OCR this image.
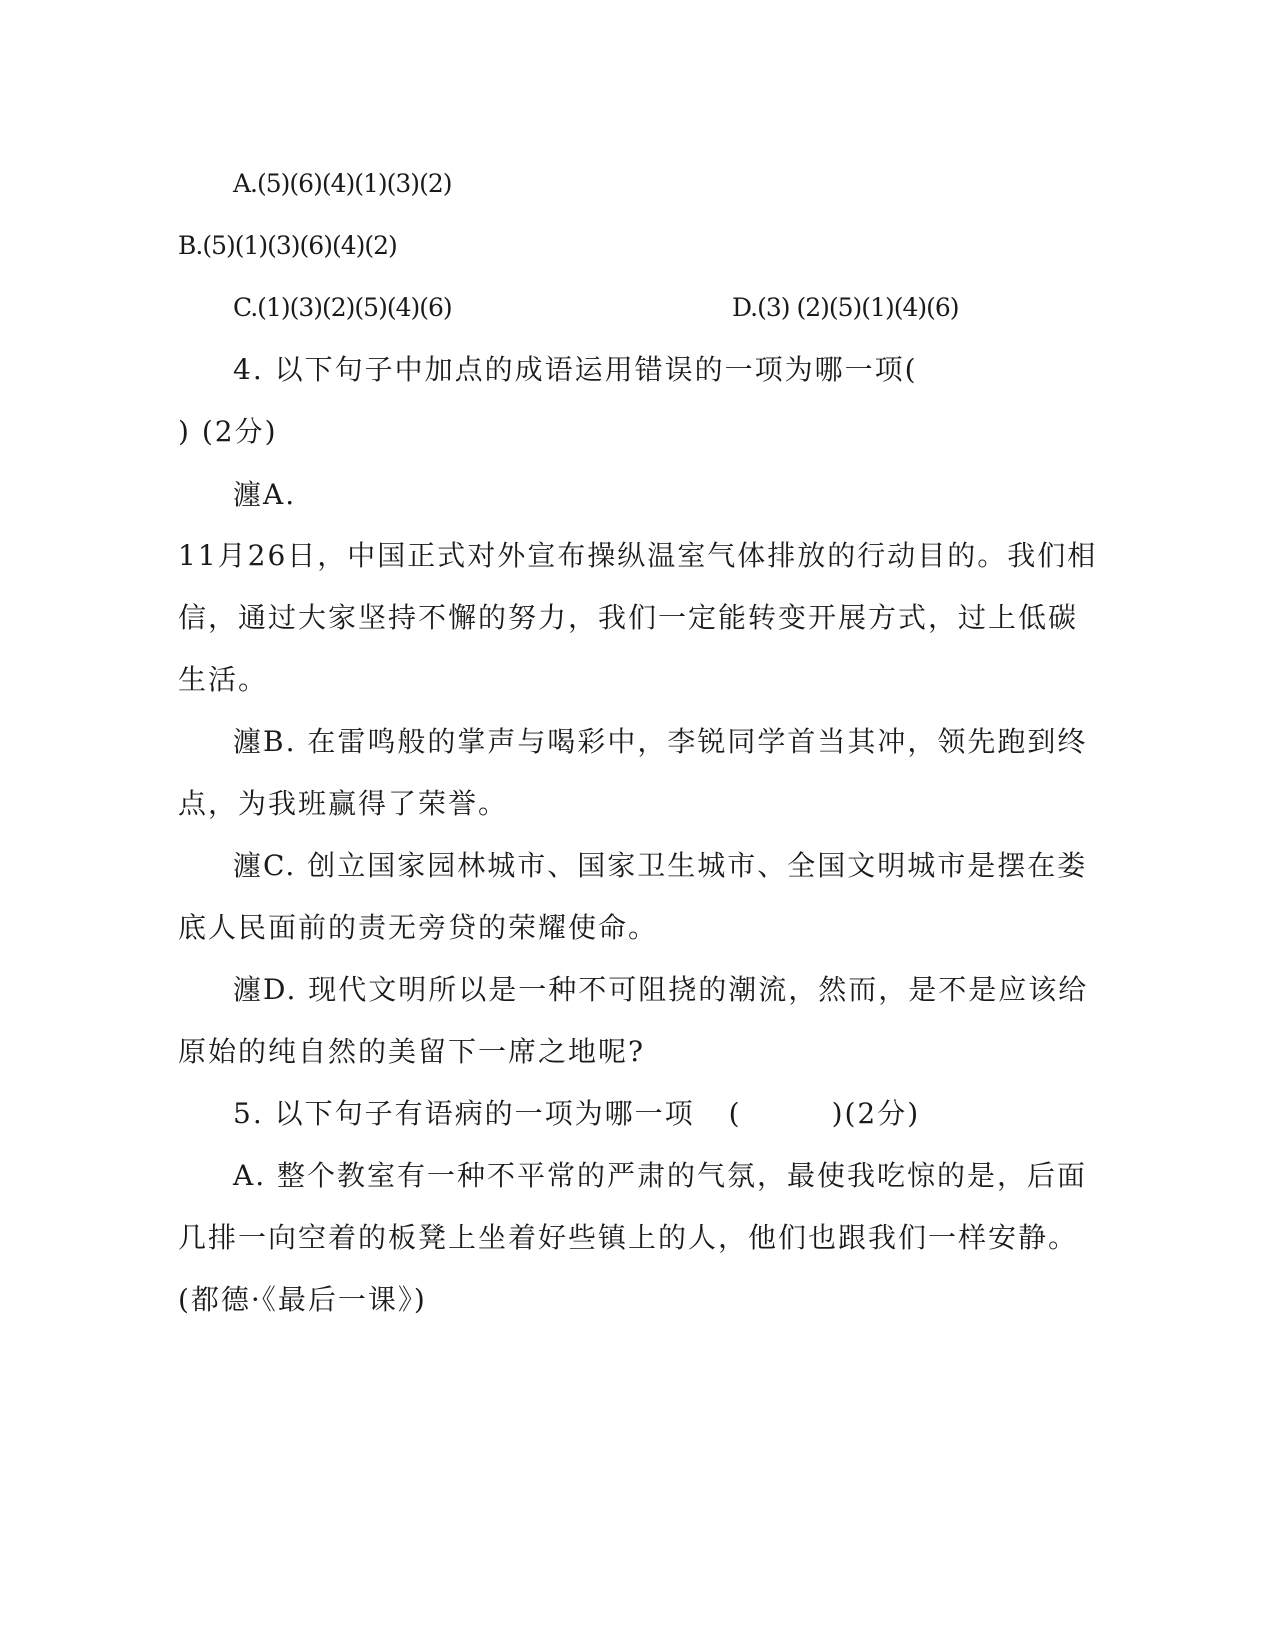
A.(5)(6)(4)(1)(3)(2)
B.(5)(1)(3)(6)(4)(2)
C.(1)(3)(2)(5)(4)(6)	D.(3) (2)(5)(1)(4)(6)
4. 以下句子中加点的成语运用错误的一项为哪一项(
) (2分)
瀍A.
11月26日，中国正式对外宣布操纵温室气体排放的行动目的。我们相
信，通过大家坚持不懈的努力，我们一定能转变开展方式，过上低碳
生活。
瀍B. 在雷鸣般的掌声与喝彩中，李锐同学首当其冲，领先跑到终
点，为我班赢得了荣誉。
瀍C. 创立国家园林城市、国家卫生城市、全国文明城市是摆在娄
底人民面前的责无旁贷的荣耀使命。
瀍D. 现代文明所以是一种不可阻挠的潮流，然而，是不是应该给
原始的纯自然的美留下一席之地呢?
5. 以下句子有语病的一项为哪一项 (	)(2分)
A. 整个教室有一种不平常的严肃的气氛，最使我吃惊的是，后面
几排一向空着的板凳上坐着好些镇上的人，他们也跟我们一样安静。
(都德·《最后一课》)
